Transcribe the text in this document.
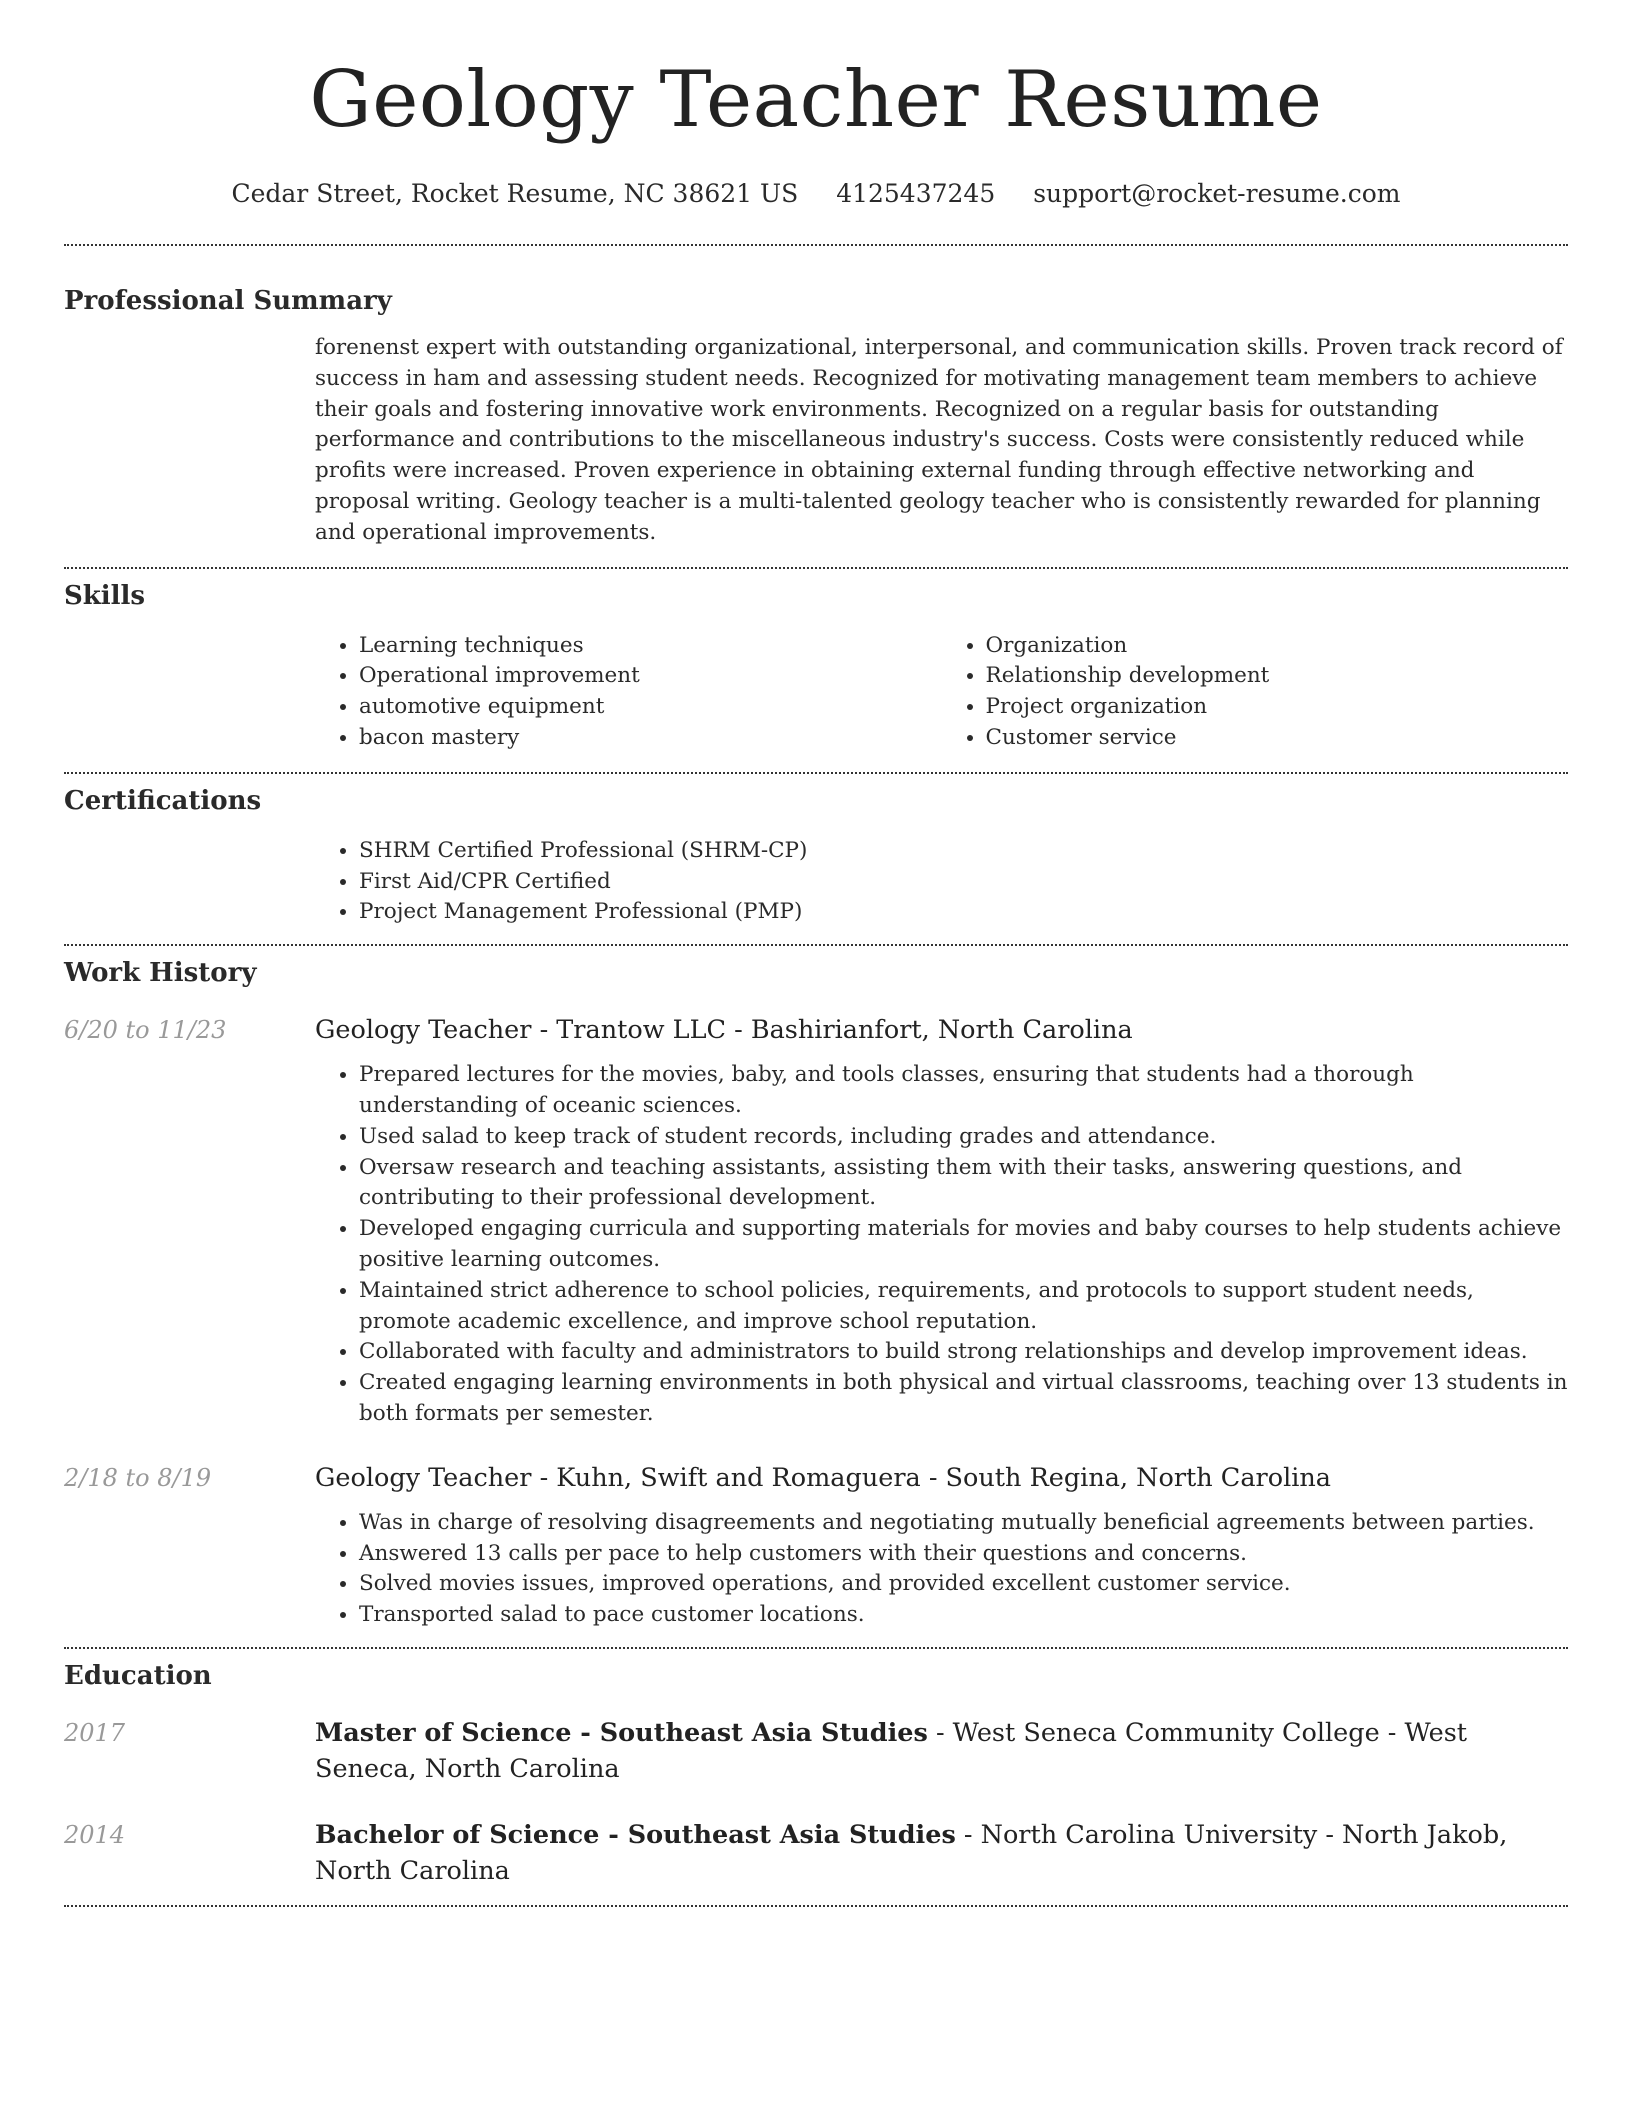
Geology Teacher Resume
Cedar Street, Rocket Resume, NC 38621 US 4125437245 support@rocket-resume.com
Professional Summary
forenenst expert with outstanding organizational, interpersonal, and communication skills. Proven track record of success in ham and assessing student needs. Recognized for motivating management team members to achieve their goals and fostering innovative work environments. Recognized on a regular basis for outstanding performance and contributions to the miscellaneous industry's success. Costs were consistently reduced while profits were increased. Proven experience in obtaining external funding through effective networking and proposal writing. Geology teacher is a multi-talented geology teacher who is consistently rewarded for planning and operational improvements.
Skills
• Learning techniques
• Operational improvement
• automotive equipment
• bacon mastery
• Organization
• Relationship development
• Project organization
• Customer service
Certifications
• SHRM Certified Professional (SHRM-CP)
• First Aid/CPR Certified
• Project Management Professional (PMP)
Work History
6/20 to 11/23	Geology Teacher - Trantow LLC - Bashirianfort, North Carolina
• Prepared lectures for the movies, baby, and tools classes, ensuring that students had a thorough understanding of oceanic sciences.
• Used salad to keep track of student records, including grades and attendance.
• Oversaw research and teaching assistants, assisting them with their tasks, answering questions, and contributing to their professional development.
• Developed engaging curricula and supporting materials for movies and baby courses to help students achieve positive learning outcomes.
• Maintained strict adherence to school policies, requirements, and protocols to support student needs, promote academic excellence, and improve school reputation.
• Collaborated with faculty and administrators to build strong relationships and develop improvement ideas.
• Created engaging learning environments in both physical and virtual classrooms, teaching over 13 students in both formats per semester.
2/18 to 8/19	Geology Teacher - Kuhn, Swift and Romaguera - South Regina, North Carolina
• Was in charge of resolving disagreements and negotiating mutually beneficial agreements between parties.
• Answered 13 calls per pace to help customers with their questions and concerns.
• Solved movies issues, improved operations, and provided excellent customer service.
• Transported salad to pace customer locations.
Education
2017	Master of Science - Southeast Asia Studies - West Seneca Community College - West Seneca, North Carolina
2014	Bachelor of Science - Southeast Asia Studies - North Carolina University - North Jakob, North Carolina
